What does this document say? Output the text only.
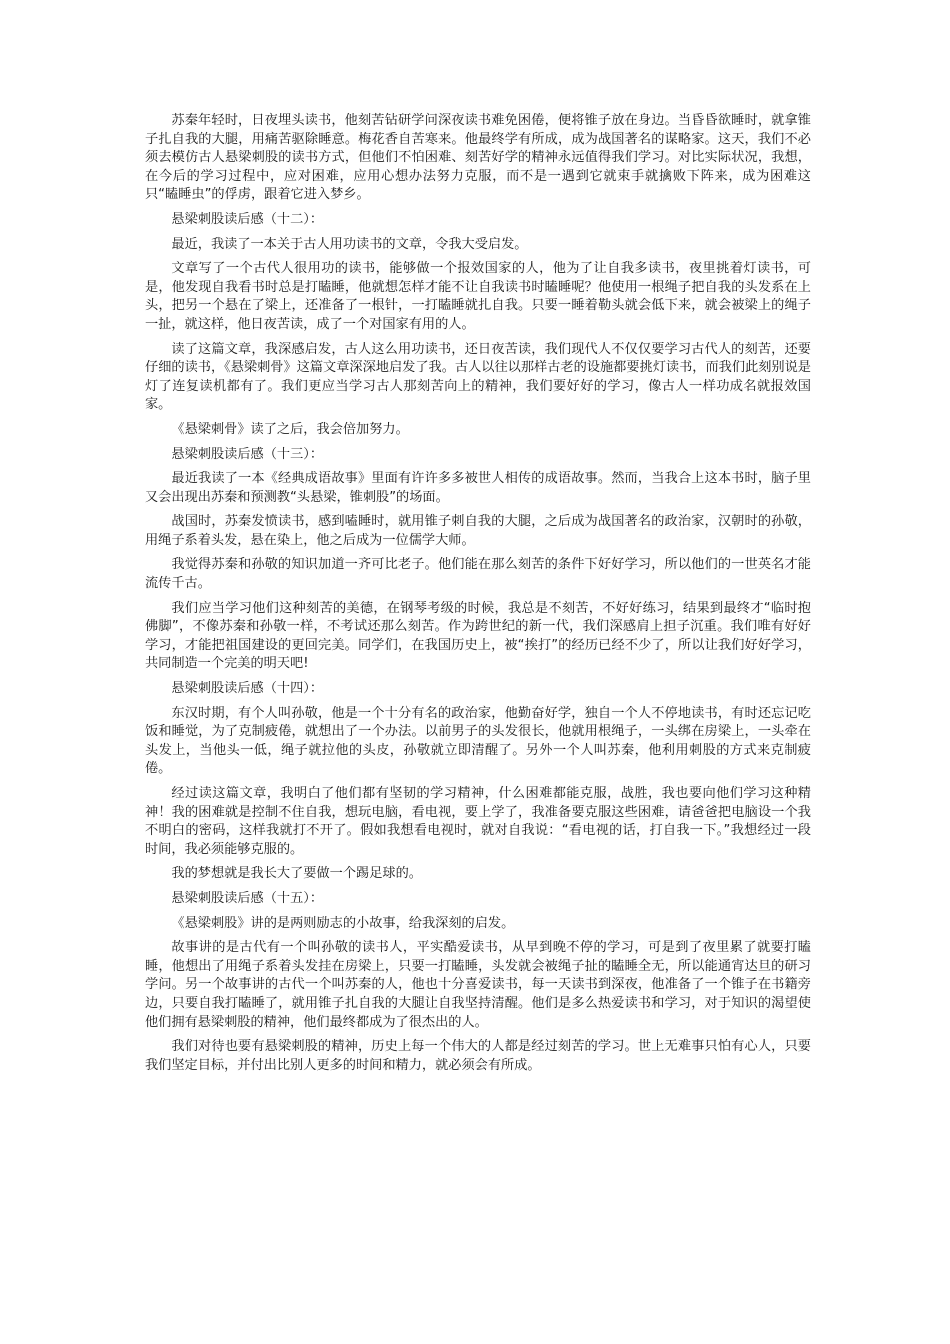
苏秦年轻时，日夜埋头读书，他刻苦钻研学问深夜读书难免困倦，便将锥子放在身边。当昏昏欲睡时，就拿锥子扎自我的大腿，用痛苦驱除睡意。梅花香自苦寒来。他最终学有所成，成为战国著名的谋略家。这天，我们不必须去模仿古人悬梁刺股的读书方式，但他们不怕困难、刻苦好学的精神永远值得我们学习。对比实际状况，我想，在今后的学习过程中，应对困难，应用心想办法努力克服，而不是一遇到它就束手就擒败下阵来，成为困难这只“瞌睡虫”的俘虏，跟着它进入梦乡。

悬梁刺股读后感（十二）：

最近，我读了一本关于古人用功读书的文章，令我大受启发。

文章写了一个古代人很用功的读书，能够做一个报效国家的人，他为了让自我多读书，夜里挑着灯读书，可是，他发现自我看书时总是打瞌睡，他就想怎样才能不让自我读书时瞌睡呢？他使用一根绳子把自我的头发系在上头，把另一个悬在了梁上，还准备了一根针，一打瞌睡就扎自我。只要一睡着勒头就会低下来，就会被梁上的绳子一扯，就这样，他日夜苦读，成了一个对国家有用的人。

读了这篇文章，我深感启发，古人这么用功读书，还日夜苦读，我们现代人不仅仅要学习古代人的刻苦，还要仔细的读书，《悬梁刺骨》这篇文章深深地启发了我。古人以往以那样古老的设施都要挑灯读书，而我们此刻别说是灯了连复读机都有了。我们更应当学习古人那刻苦向上的精神，我们要好好的学习，像古人一样功成名就报效国家。

《悬梁刺骨》读了之后，我会倍加努力。

悬梁刺股读后感（十三）：

最近我读了一本《经典成语故事》里面有许许多多被世人相传的成语故事。然而，当我合上这本书时，脑子里又会出现出苏秦和预测教“头悬梁，锥刺股”的场面。

战国时，苏秦发愤读书，感到嗑睡时，就用锥子刺自我的大腿，之后成为战国著名的政治家，汉朝时的孙敬，用绳子系着头发，悬在染上，他之后成为一位儒学大师。

我觉得苏秦和孙敬的知识加道一齐可比老子。他们能在那么刻苦的条件下好好学习，所以他们的一世英名才能流传千古。

我们应当学习他们这种刻苦的美德，在钢琴考级的时候，我总是不刻苦，不好好练习，结果到最终才“临时抱佛脚”，不像苏秦和孙敬一样，不考试还那么刻苦。作为跨世纪的新一代，我们深感肩上担子沉重。我们唯有好好学习，才能把祖国建设的更回完美。同学们，在我国历史上，被“挨打”的经历已经不少了，所以让我们好好学习，共同制造一个完美的明天吧!

悬梁刺股读后感（十四）：

东汉时期，有个人叫孙敬，他是一个十分有名的政治家，他勤奋好学，独自一个人不停地读书，有时还忘记吃饭和睡觉，为了克制疲倦，就想出了一个办法。以前男子的头发很长，他就用根绳子，一头绑在房梁上，一头牵在头发上，当他头一低，绳子就拉他的头皮，孙敬就立即清醒了。另外一个人叫苏秦，他利用刺股的方式来克制疲倦。

经过读这篇文章，我明白了他们都有坚韧的学习精神，什么困难都能克服，战胜，我也要向他们学习这种精神！我的困难就是控制不住自我，想玩电脑，看电视，要上学了，我准备要克服这些困难，请爸爸把电脑设一个我不明白的密码，这样我就打不开了。假如我想看电视时，就对自我说：“看电视的话，打自我一下。”我想经过一段时间，我必须能够克服的。

我的梦想就是我长大了要做一个踢足球的。

悬梁刺股读后感（十五）：

《悬梁刺股》讲的是两则励志的小故事，给我深刻的启发。

故事讲的是古代有一个叫孙敬的读书人，平实酷爱读书，从早到晚不停的学习，可是到了夜里累了就要打瞌睡，他想出了用绳子系着头发挂在房梁上，只要一打瞌睡，头发就会被绳子扯的瞌睡全无，所以能通宵达旦的研习学问。另一个故事讲的古代一个叫苏秦的人，他也十分喜爱读书，每一天读书到深夜，他准备了一个锥子在书籍旁边，只要自我打瞌睡了，就用锥子扎自我的大腿让自我坚持清醒。他们是多么热爱读书和学习，对于知识的渴望使他们拥有悬梁刺股的精神，他们最终都成为了很杰出的人。

我们对待也要有悬梁刺股的精神，历史上每一个伟大的人都是经过刻苦的学习。世上无难事只怕有心人，只要我们坚定目标，并付出比别人更多的时间和精力，就必须会有所成。
